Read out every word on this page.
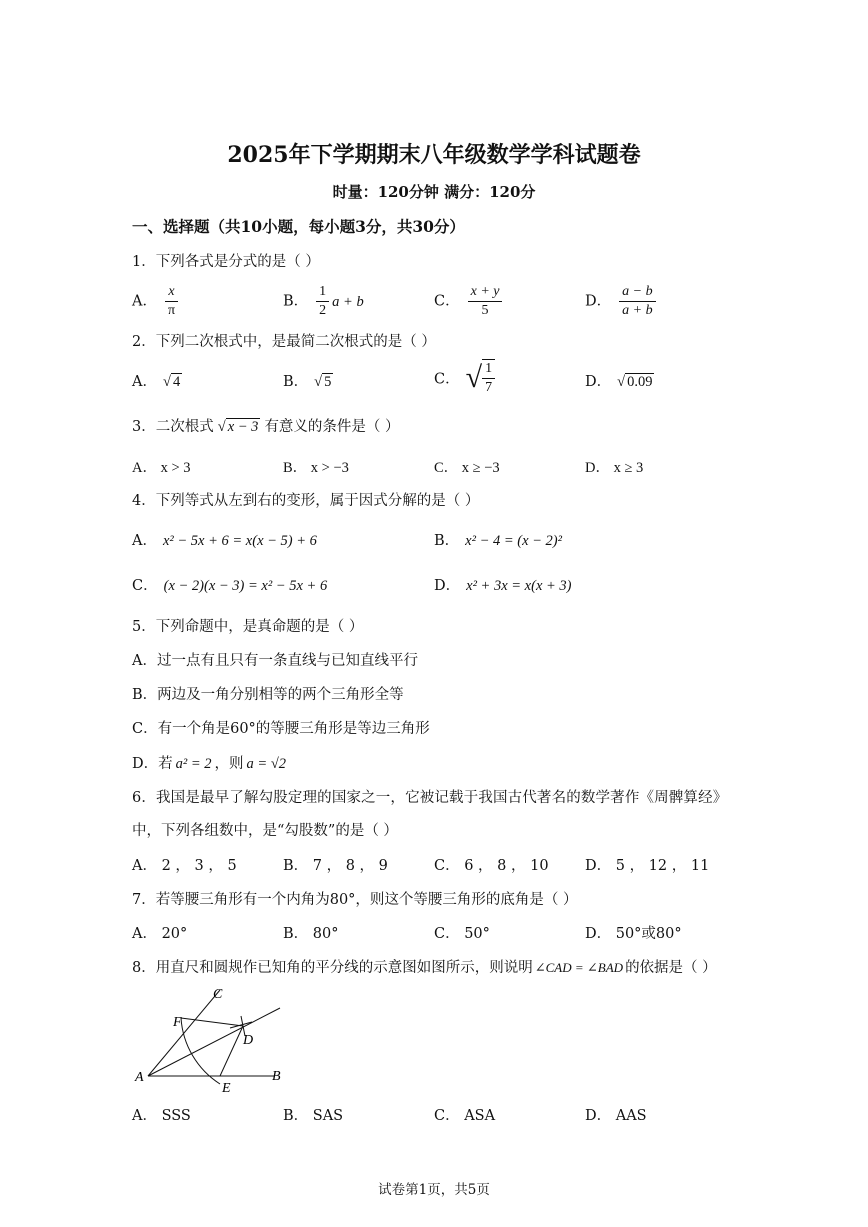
2025年下学期期末八年级数学学科试题卷
时量：120分钟 满分：120分
一、选择题（共10小题，每小题3分，共30分）
1．下列各式是分式的是（ ）
A． $\frac{x}{\pi}$	B． $\frac{1}{2}$ a + b	C． $\frac{x + y}{5}$	D． $\frac{a - b}{a + b}$
2．下列二次根式中，是最简二次根式的是（ ）
A． √ 4	B． √ 5	C． √ $\frac{1}{7}$	D． √ 0.09
3．二次根式 √ x − 3 有意义的条件是（ ）
A． x > 3	B． x > −3	C． x ≥ −3	D． x ≥ 3
4．下列等式从左到右的变形，属于因式分解的是（ ）
A． x² − 5x + 6 = x(x − 5) + 6	B． x² − 4 = (x − 2)²
C． (x − 2)(x − 3) = x² − 5x + 6	D． x² + 3x = x(x + 3)
5．下列命题中，是真命题的是（ ）
A．过一点有且只有一条直线与已知直线平行
B．两边及一角分别相等的两个三角形全等
C．有一个角是60°的等腰三角形是等边三角形
D．若 a² = 2 ，则 a = √2
6．我国是最早了解勾股定理的国家之一，它被记载于我国古代著名的数学著作《周髀算经》
中，下列各组数中，是“勾股数”的是（ ）
A． 2 ， 3 ， 5	B． 7 ， 8 ， 9	C． 6 ， 8 ， 10	D． 5 ， 12 ， 11
7．若等腰三角形有一个内角为80°，则这个等腰三角形的底角是（ ）
A． 20°	B． 80°	C． 50°	D． 50°或80°
8．用直尺和圆规作已知角的平分线的示意图如图所示，则说明 ∠CAD = ∠BAD 的依据是（ ）
A	B
C
D
E
F
A． SSS	B． SAS	C． ASA	D． AAS
试卷第1页，共5页
